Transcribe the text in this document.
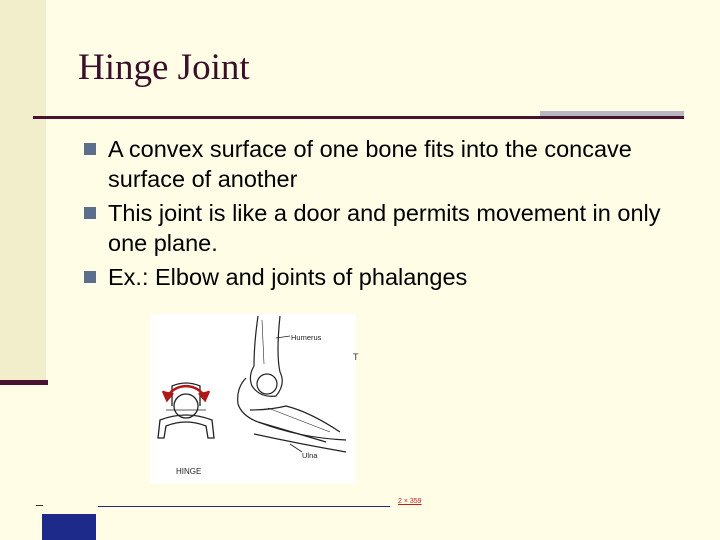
Hinge Joint
A convex surface of one bone fits into the concave surface of another
This joint is like a door and permits movement in only one plane.
Ex.: Elbow and joints of phalanges
Humerus
Ulna
HINGE
T
2 × 359
